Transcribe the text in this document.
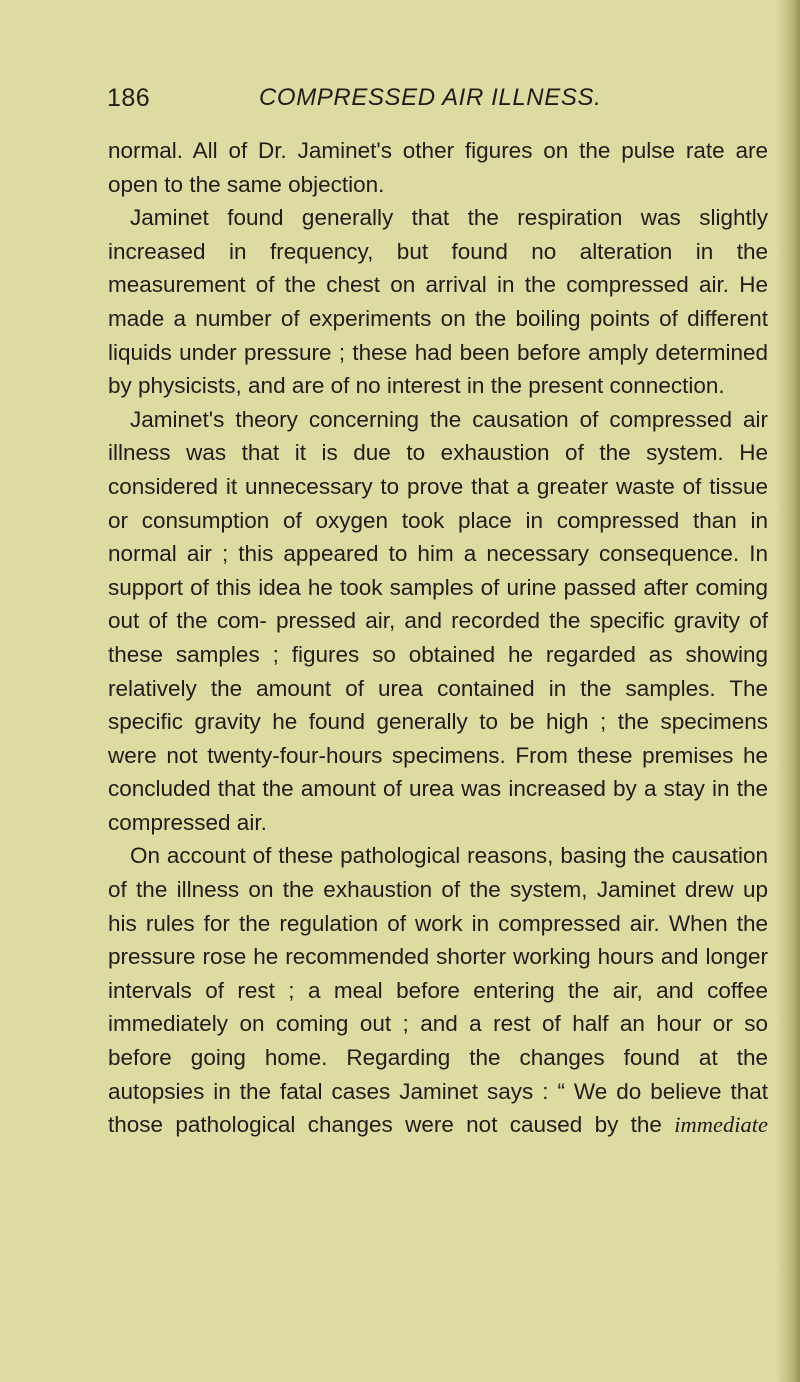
186	COMPRESSED AIR ILLNESS.

normal. All of Dr. Jaminet's other figures on the pulse rate are open to the same objection.

Jaminet found generally that the respiration was slightly increased in frequency, but found no alteration in the measurement of the chest on arrival in the compressed air. He made a number of experiments on the boiling points of different liquids under pressure ; these had been before amply determined by physicists, and are of no interest in the present connection.

Jaminet's theory concerning the causation of compressed air illness was that it is due to exhaustion of the system. He considered it unnecessary to prove that a greater waste of tissue or consumption of oxygen took place in compressed than in normal air ; this appeared to him a necessary consequence. In support of this idea he took samples of urine passed after coming out of the com- pressed air, and recorded the specific gravity of these samples ; figures so obtained he regarded as showing relatively the amount of urea contained in the samples. The specific gravity he found generally to be high ; the specimens were not twenty-four-hours specimens. From these premises he concluded that the amount of urea was increased by a stay in the compressed air.

On account of these pathological reasons, basing the causation of the illness on the exhaustion of the system, Jaminet drew up his rules for the regulation of work in compressed air. When the pressure rose he recommended shorter working hours and longer intervals of rest ; a meal before entering the air, and coffee immediately on coming out ; and a rest of half an hour or so before going home. Regarding the changes found at the autopsies in the fatal cases Jaminet says : “ We do believe that those pathological changes were not caused by the immediate
